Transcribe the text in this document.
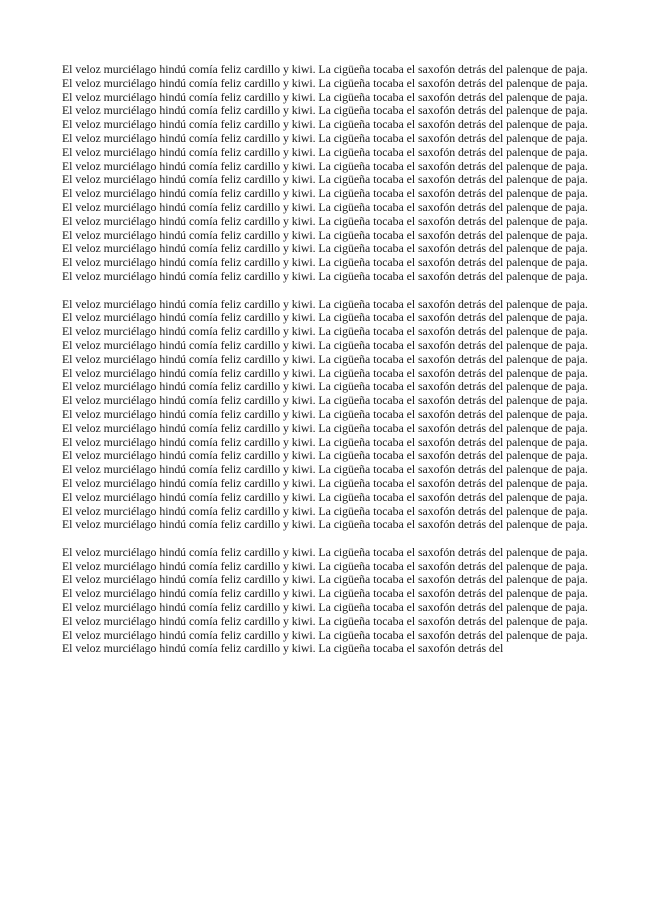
El veloz murciélago hindú comía feliz cardillo y kiwi. La cigüeña tocaba el saxofón detrás del palenque de paja. El veloz murciélago hindú comía feliz cardillo y kiwi. La cigüeña tocaba el saxofón detrás del palenque de paja. El veloz murciélago hindú comía feliz cardillo y kiwi. La cigüeña tocaba el saxofón detrás del palenque de paja. El veloz murciélago hindú comía feliz cardillo y kiwi. La cigüeña tocaba el saxofón detrás del palenque de paja. El veloz murciélago hindú comía feliz cardillo y kiwi. La cigüeña tocaba el saxofón detrás del palenque de paja. El veloz murciélago hindú comía feliz cardillo y kiwi. La cigüeña tocaba el saxofón detrás del palenque de paja. El veloz murciélago hindú comía feliz cardillo y kiwi. La cigüeña tocaba el saxofón detrás del palenque de paja. El veloz murciélago hindú comía feliz cardillo y kiwi. La cigüeña tocaba el saxofón detrás del palenque de paja. El veloz murciélago hindú comía feliz cardillo y kiwi. La cigüeña tocaba el saxofón detrás del palenque de paja. El veloz murciélago hindú comía feliz cardillo y kiwi. La cigüeña tocaba el saxofón detrás del palenque de paja. El veloz murciélago hindú comía feliz cardillo y kiwi. La cigüeña tocaba el saxofón detrás del palenque de paja. El veloz murciélago hindú comía feliz cardillo y kiwi. La cigüeña tocaba el saxofón detrás del palenque de paja. El veloz murciélago hindú comía feliz cardillo y kiwi. La cigüeña tocaba el saxofón detrás del palenque de paja. El veloz murciélago hindú comía feliz cardillo y kiwi. La cigüeña tocaba el saxofón detrás del palenque de paja. El veloz murciélago hindú comía feliz cardillo y kiwi. La cigüeña tocaba el saxofón detrás del palenque de paja. El veloz murciélago hindú comía feliz cardillo y kiwi. La cigüeña tocaba el saxofón detrás del palenque de paja.

El veloz murciélago hindú comía feliz cardillo y kiwi. La cigüeña tocaba el saxofón detrás del palenque de paja. El veloz murciélago hindú comía feliz cardillo y kiwi. La cigüeña tocaba el saxofón detrás del palenque de paja. El veloz murciélago hindú comía feliz cardillo y kiwi. La cigüeña tocaba el saxofón detrás del palenque de paja. El veloz murciélago hindú comía feliz cardillo y kiwi. La cigüeña tocaba el saxofón detrás del palenque de paja. El veloz murciélago hindú comía feliz cardillo y kiwi. La cigüeña tocaba el saxofón detrás del palenque de paja.

El veloz murciélago hindú comía feliz cardillo y kiwi. La cigüeña tocaba el saxofón detrás del palenque de paja. El veloz murciélago hindú comía feliz cardillo y kiwi. La cigüeña tocaba el saxofón detrás del palenque de paja. El veloz murciélago hindú comía feliz cardillo y kiwi. La cigüeña tocaba el saxofón detrás del palenque de paja. El veloz murciélago hindú comía feliz cardillo y kiwi. La cigüeña tocaba el saxofón detrás del palenque de paja. El veloz murciélago hindú comía feliz cardillo y kiwi. La cigüeña tocaba el saxofón detrás del palenque de paja. El veloz murciélago hindú comía feliz cardillo y kiwi. La cigüeña tocaba el saxofón detrás del palenque de paja. El veloz murciélago hindú comía feliz cardillo y kiwi. La cigüeña tocaba el saxofón detrás del palenque de paja.

El veloz murciélago hindú comía feliz cardillo y kiwi. La cigüeña tocaba el saxofón detrás del palenque de paja. El veloz murciélago hindú comía feliz cardillo y kiwi. La cigüeña tocaba el saxofón detrás del palenque de paja. El veloz murciélago hindú comía feliz cardillo y kiwi. La cigüeña tocaba el saxofón detrás del palenque de paja. El veloz murciélago hindú comía feliz cardillo y kiwi. La cigüeña tocaba el saxofón detrás del palenque de paja. El veloz murciélago hindú comía feliz cardillo y kiwi. La cigüeña tocaba el saxofón detrás del palenque de paja.

El veloz murciélago hindú comía feliz cardillo y kiwi. La cigüeña tocaba el saxofón detrás del palenque de paja. El veloz murciélago hindú comía feliz cardillo y kiwi. La cigüeña tocaba el saxofón detrás del palenque de paja. El veloz murciélago hindú comía feliz cardillo y kiwi. La cigüeña tocaba el saxofón detrás del palenque de paja. El veloz murciélago hindú comía feliz cardillo y kiwi. La cigüeña tocaba el saxofón detrás del palenque de paja. El veloz murciélago hindú comía feliz cardillo y kiwi. La cigüeña tocaba el saxofón detrás del palenque de paja. El veloz murciélago hindú comía feliz cardillo y kiwi. La cigüeña tocaba el saxofón detrás del palenque de paja. El veloz murciélago hindú comía feliz cardillo y kiwi. La cigüeña tocaba el saxofón detrás del palenque de paja.

El veloz murciélago hindú comía feliz cardillo y kiwi. La cigüeña tocaba el saxofón detrás del
